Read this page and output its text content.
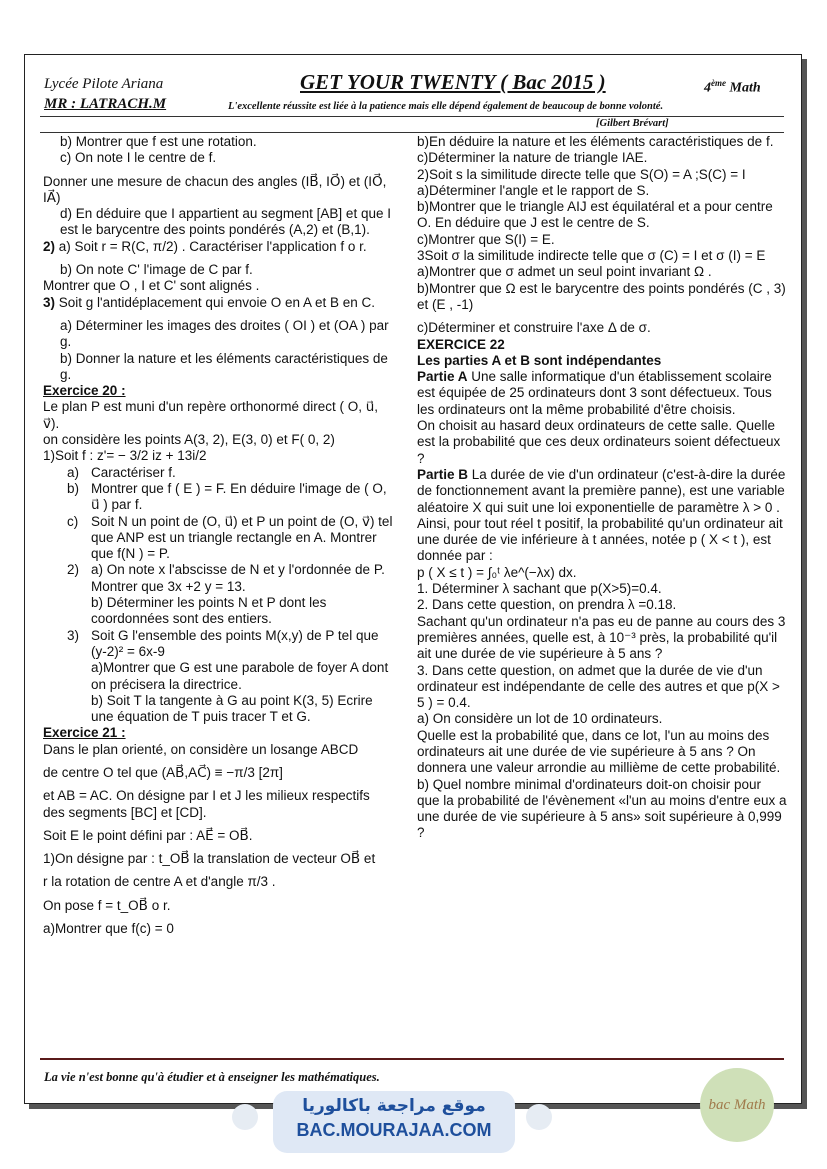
Lycée Pilote Ariana
MR : LATRACH.M
GET YOUR TWENTY ( Bac 2015 )	4ème Math
L'excellente réussite est liée à la patience mais elle dépend également de beaucoup de bonne volonté.
[Gilbert Brévart]

b) Montrer que f est une rotation.

c) On note I le centre de f.

Donner une mesure de chacun des angles (IB⃗, IO⃗) et (IO⃗, IA⃗)

d) En déduire que I appartient au segment [AB] et que I est le barycentre des points pondérés (A,2) et (B,1).

2) a) Soit r = R(C, π/2) . Caractériser l'application f o r.

b) On note C' l'image de C par f.

Montrer que O , I et C' sont alignés .

3) Soit g l'antidéplacement qui envoie O en A et B en C.

a) Déterminer les images des droites ( OI ) et (OA ) par g.

b) Donner la nature et les éléments caractéristiques de g.

Exercice 20 :

Le plan P est muni d'un repère orthonormé direct ( O, u⃗, v⃗).

on considère les points A(3, 2), E(3, 0) et F( 0, 2)

1)Soit f : z'= − 3/2 iz + 13i/2

a) Caractériser f.
b) Montrer que f ( E ) = F. En déduire l'image de ( O, u⃗ ) par f.
c) Soit N un point de (O, u⃗) et P un point de (O, v⃗) tel que ANP est un triangle rectangle en A. Montrer que f(N ) = P.
2) a) On note x l'abscisse de N et y l'ordonnée de P. Montrer que 3x +2 y = 13.
b) Déterminer les points N et P dont les coordonnées sont des entiers.
3) Soit G l'ensemble des points M(x,y) de P tel que (y-2)² = 6x-9
a)Montrer que G est une parabole de foyer A dont on précisera la directrice.
b) Soit T la tangente à G au point K(3, 5) Ecrire une équation de T puis tracer T et G.

Exercice 21 :

Dans le plan orienté, on considère un losange ABCD

de centre O tel que (AB⃗,AC⃗) ≡ −π/3 [2π]

et AB = AC. On désigne par I et J les milieux respectifs des segments [BC] et [CD].

Soit E le point défini par : AE⃗ = OB⃗.

1)On désigne par : t_OB⃗ la translation de vecteur OB⃗ et

r la rotation de centre A et d'angle π/3 .

On pose f = t_OB⃗ o r.

a)Montrer que f(c) = 0

b)En déduire la nature et les éléments caractéristiques de f.

c)Déterminer la nature de triangle IAE.

2)Soit s la similitude directe telle que S(O) = A ;S(C) = I

a)Déterminer l'angle et le rapport de S.

b)Montrer que le triangle AIJ est équilatéral et a pour centre O. En déduire que J est le centre de S.

c)Montrer que S(I) = E.

3Soit σ la similitude indirecte telle que σ (C) = I et σ (I) = E

a)Montrer que σ admet un seul point invariant Ω .

b)Montrer que Ω est le barycentre des points pondérés (C , 3) et (E , -1)

c)Déterminer et construire l'axe Δ de σ.

EXERCICE 22

Les parties A et B sont indépendantes

Partie A Une salle informatique d'un établissement scolaire est équipée de 25 ordinateurs dont 3 sont défectueux. Tous les ordinateurs ont la même probabilité d'être choisis.

On choisit au hasard deux ordinateurs de cette salle. Quelle est la probabilité que ces deux ordinateurs soient défectueux ?

Partie B La durée de vie d'un ordinateur (c'est-à-dire la durée de fonctionnement avant la première panne), est une variable aléatoire X qui suit une loi exponentielle de paramètre λ > 0 .

Ainsi, pour tout réel t positif, la probabilité qu'un ordinateur ait une durée de vie inférieure à t années, notée p ( X < t ), est donnée par :

p ( X ≤ t ) = ∫₀ᵗ λe^(−λx) dx.

1. Déterminer λ sachant que p(X>5)=0.4.

2. Dans cette question, on prendra λ =0.18.

Sachant qu'un ordinateur n'a pas eu de panne au cours des 3 premières années, quelle est, à 10⁻³ près, la probabilité qu'il ait une durée de vie supérieure à 5 ans ?

3. Dans cette question, on admet que la durée de vie d'un ordinateur est indépendante de celle des autres et que p(X > 5 ) = 0.4.

a) On considère un lot de 10 ordinateurs.

Quelle est la probabilité que, dans ce lot, l'un au moins des ordinateurs ait une durée de vie supérieure à 5 ans ? On donnera une valeur arrondie au millième de cette probabilité.

b) Quel nombre minimal d'ordinateurs doit-on choisir pour que la probabilité de l'évènement «l'un au moins d'entre eux a une durée de vie supérieure à 5 ans» soit supérieure à 0,999 ?

La vie n'est bonne qu'à étudier et à enseigner les mathématiques.
موقع مراجعة باكالوريا
BAC.MOURAJAA.COM
bac Math
